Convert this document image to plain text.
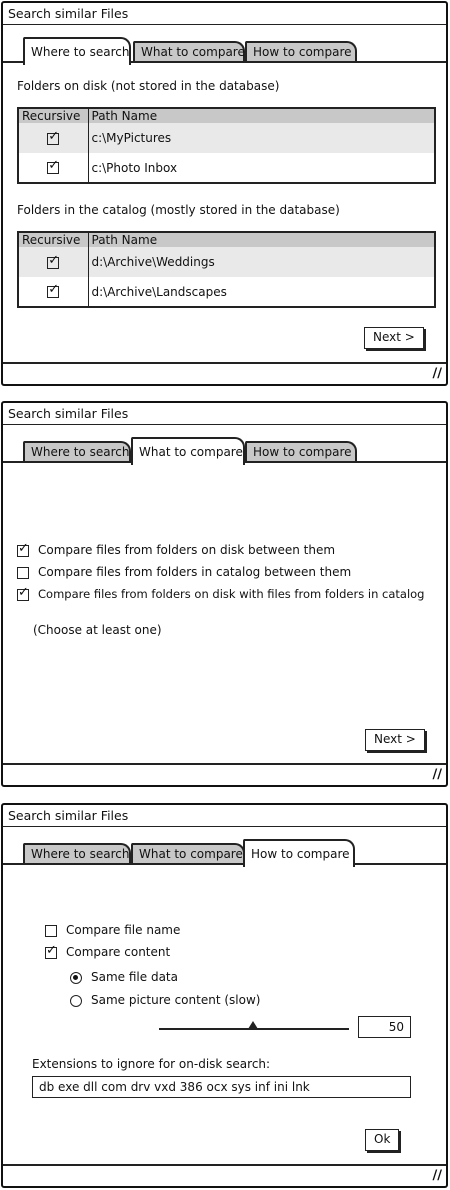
Search similar Files
Where to search What to compare How to compare
Folders on disk (not stored in the database)
Recursive	Path Name
✓	c:\MyPictures
✓	c:\Photo Inbox
Folders in the catalog (mostly stored in the database)
Recursive	Path Name
✓	d:\Archive\Weddings
✓	d:\Archive\Landscapes
Next >
∕∕
Search similar Files
Where to search What to compare How to compare
✓Compare files from folders on disk between them
Compare files from folders in catalog between them
✓Compare files from folders on disk with files from folders in catalog
(Choose at least one)
Next >
∕∕
Search similar Files
Where to search What to compare How to compare
Compare file name
✓Compare content
Same file data
Same picture content (slow)
50
Extensions to ignore for on-disk search:
db exe dll com drv vxd 386 ocx sys inf ini lnk
Ok
∕∕
